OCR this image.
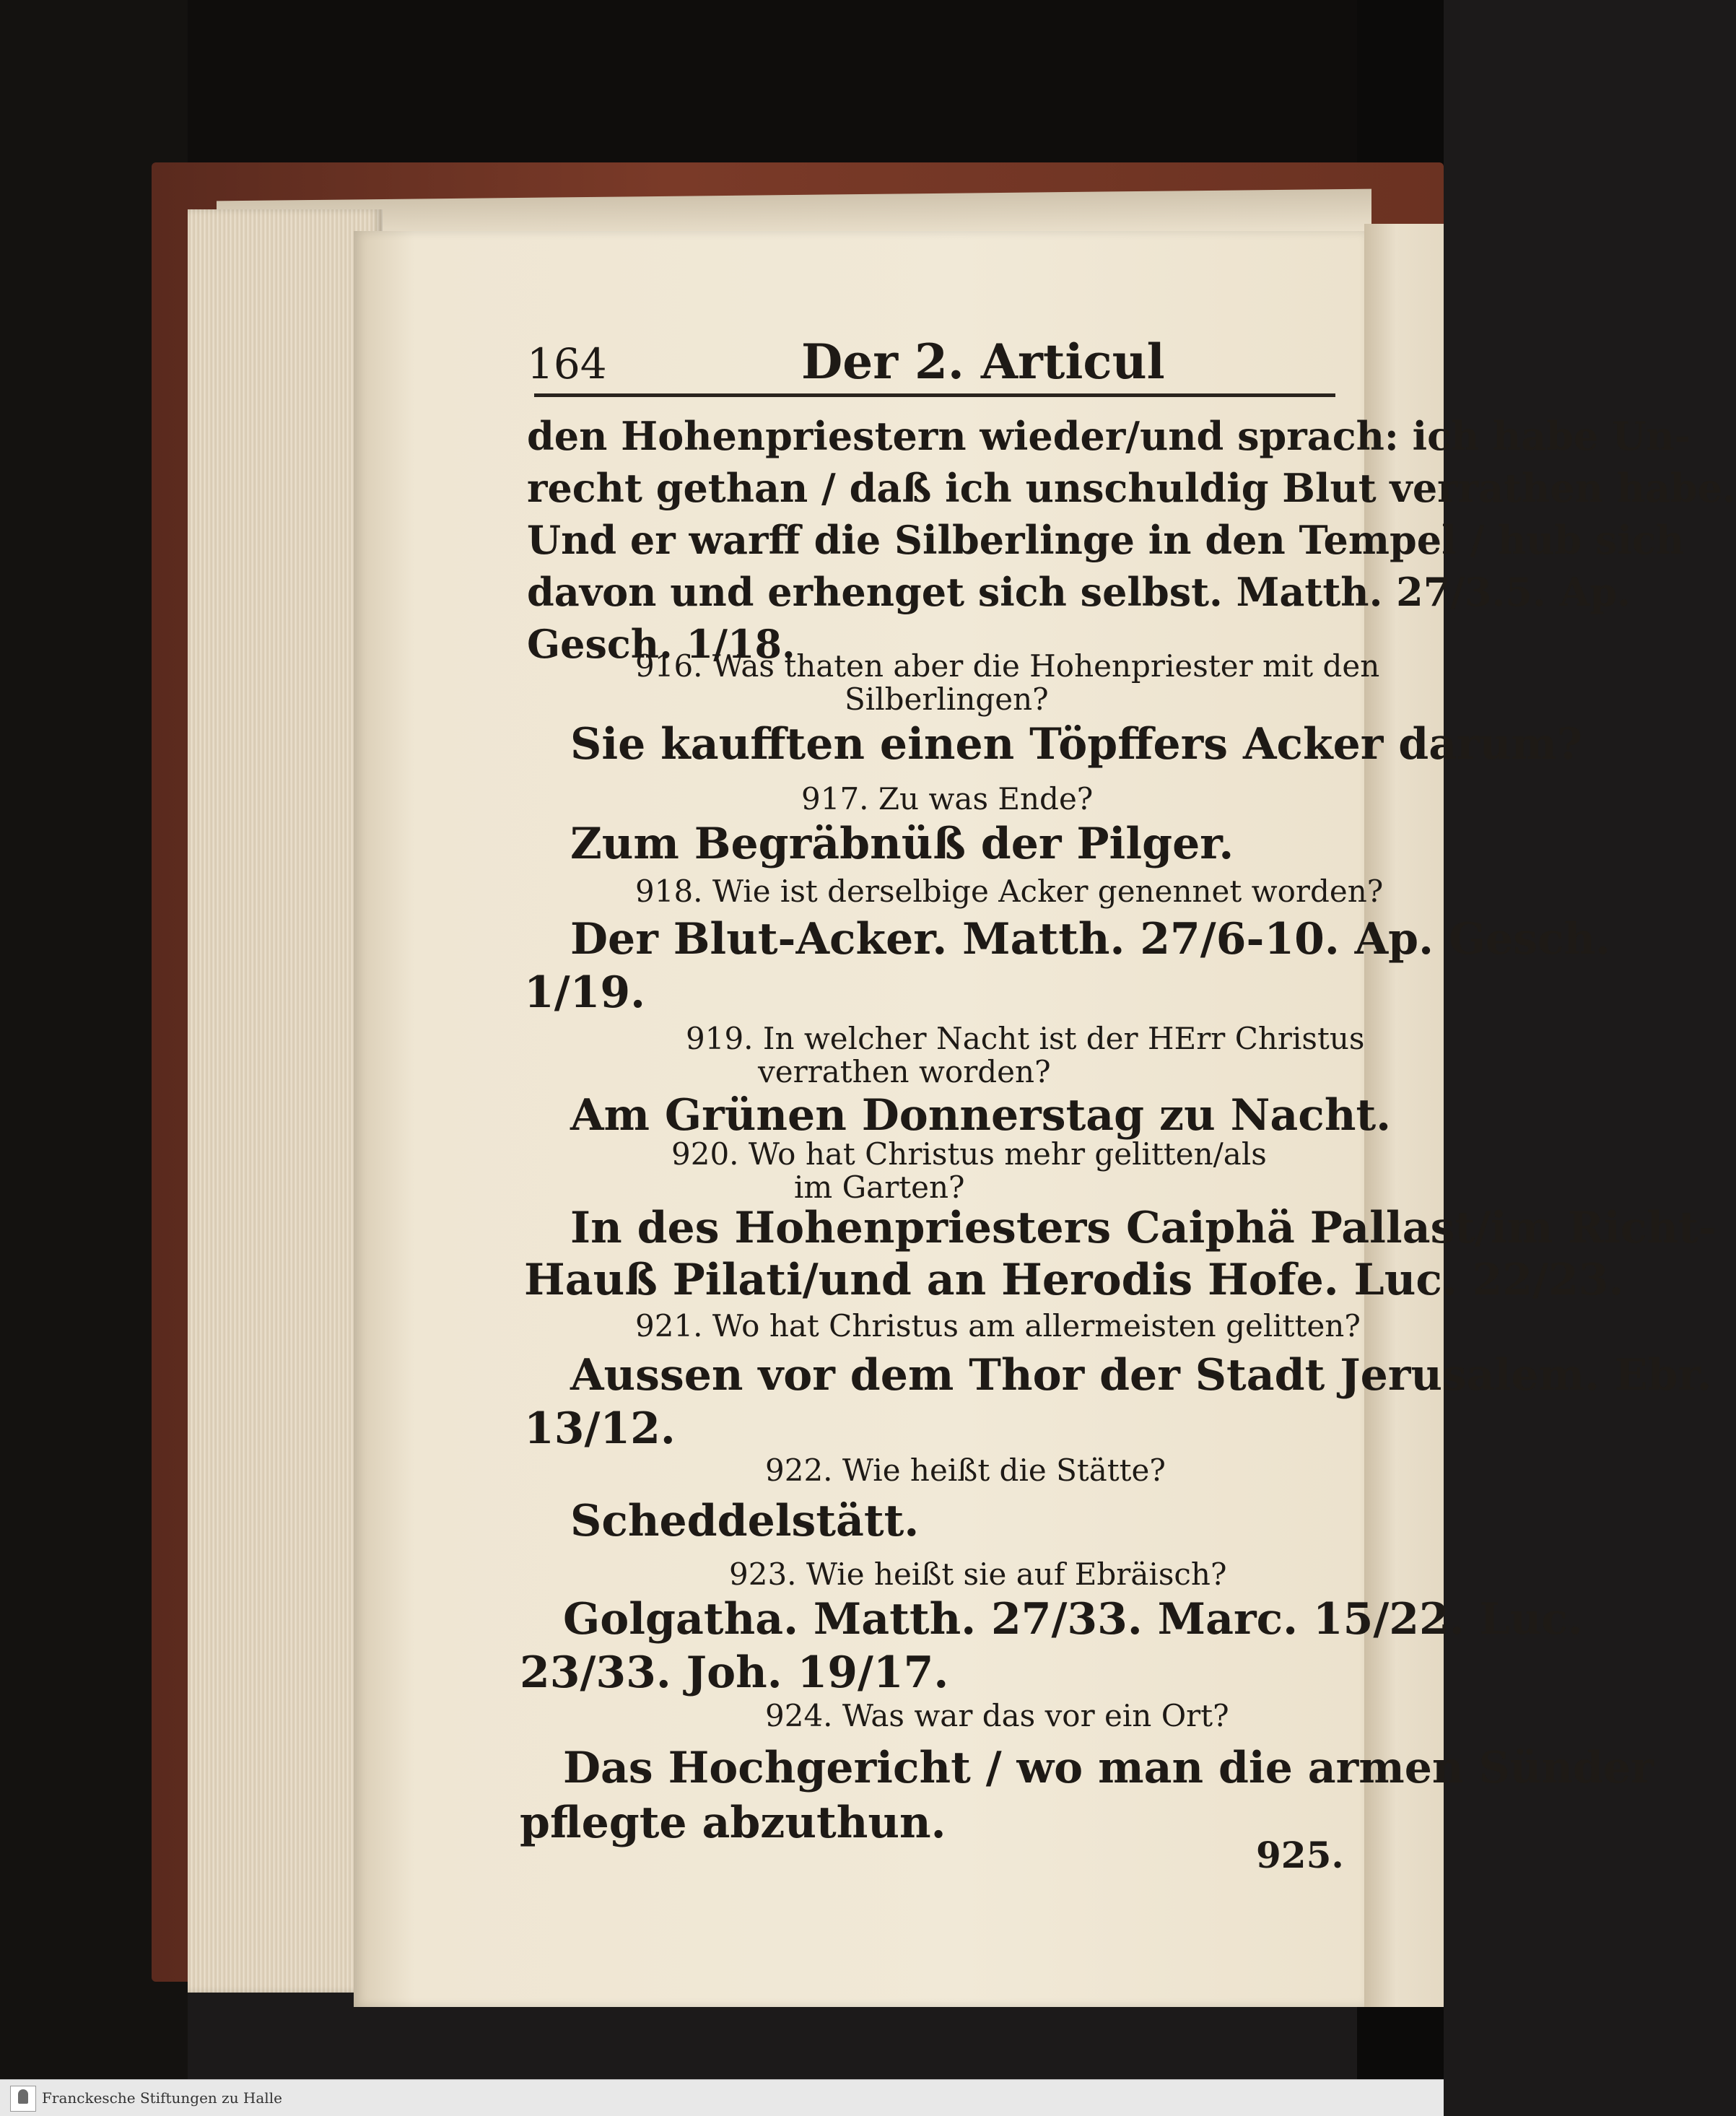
164	Der 2. Articul
den Hohenpriestern wieder/und sprach: ich habe Un-
recht gethan / daß ich unschuldig Blut verrathen habe.
Und er warff die Silberlinge in den Tempel / hub sich
davon und erhenget sich selbst. Matth. 27/3.5. Ap.
Gesch. 1/18.
916. Was thaten aber die Hohenpriester mit den
Silberlingen?
Sie kaufften einen Töpffers Acker darum?
917. Zu was Ende?
Zum Begräbnüß der Pilger.
918. Wie ist derselbige Acker genennet worden?
Der Blut-Acker. Matth. 27/6-10. Ap. Gesch.
1/19.
919. In welcher Nacht ist der HErr Christus
verrathen worden?
Am Grünen Donnerstag zu Nacht.
920. Wo hat Christus mehr gelitten/als
im Garten?
In des Hohenpriesters Caiphä Pallast/im Richt-
Hauß Pilati/und an Herodis Hofe. Luc. 22/23.
921. Wo hat Christus am allermeisten gelitten?
Aussen vor dem Thor der Stadt Jerusalem. Ebr.
13/12.
922. Wie heißt die Stätte?
Scheddelstätt.
923. Wie heißt sie auf Ebräisch?
Golgatha. Matth. 27/33. Marc. 15/22. Luc.
23/33. Joh. 19/17.
924. Was war das vor ein Ort?
Das Hochgericht / wo man die armen Sünder
pflegte abzuthun.
925.
Franckesche Stiftungen zu Halle
